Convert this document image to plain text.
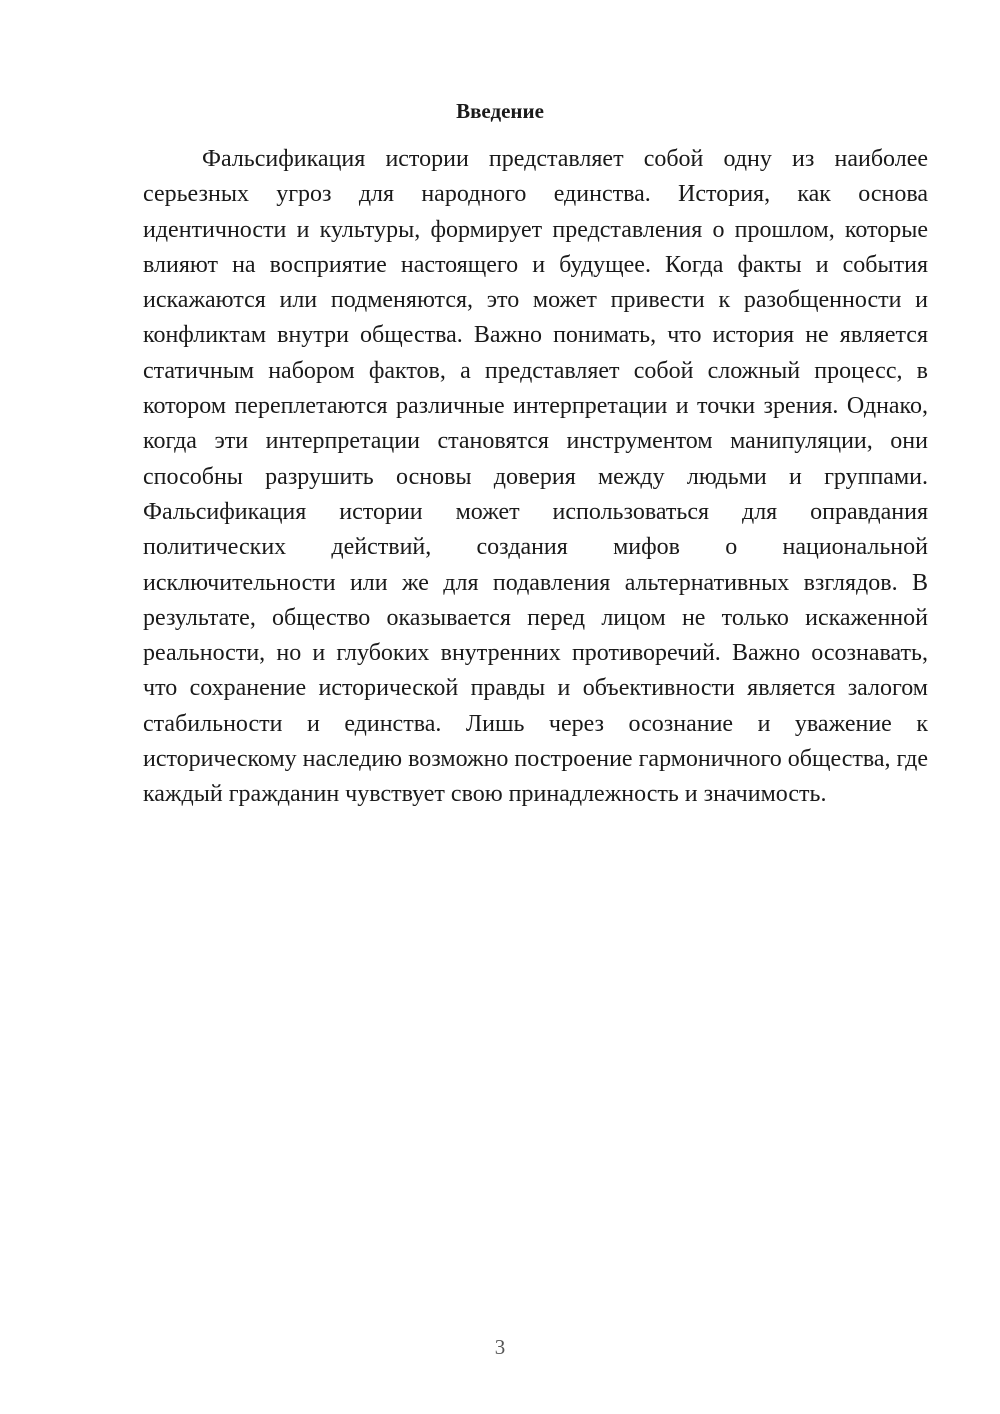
Введение

Фальсификация истории представляет собой одну из наиболее серьезных угроз для народного единства. История, как основа идентичности и культуры, формирует представления о прошлом, которые влияют на восприятие настоящего и будущее. Когда факты и события искажаются или подменяются, это может привести к разобщенности и конфликтам внутри общества. Важно понимать, что история не является статичным набором фактов, а представляет собой сложный процесс, в котором переплетаются различные интерпретации и точки зрения. Однако, когда эти интерпретации становятся инструментом манипуляции, они способны разрушить основы доверия между людьми и группами. Фальсификация истории может использоваться для оправдания политических действий, создания мифов о национальной исключительности или же для подавления альтернативных взглядов. В результате, общество оказывается перед лицом не только искаженной реальности, но и глубоких внутренних противоречий. Важно осознавать, что сохранение исторической правды и объективности является залогом стабильности и единства. Лишь через осознание и уважение к историческому наследию возможно построение гармоничного общества, где каждый гражданин чувствует свою принадлежность и значимость.

3
